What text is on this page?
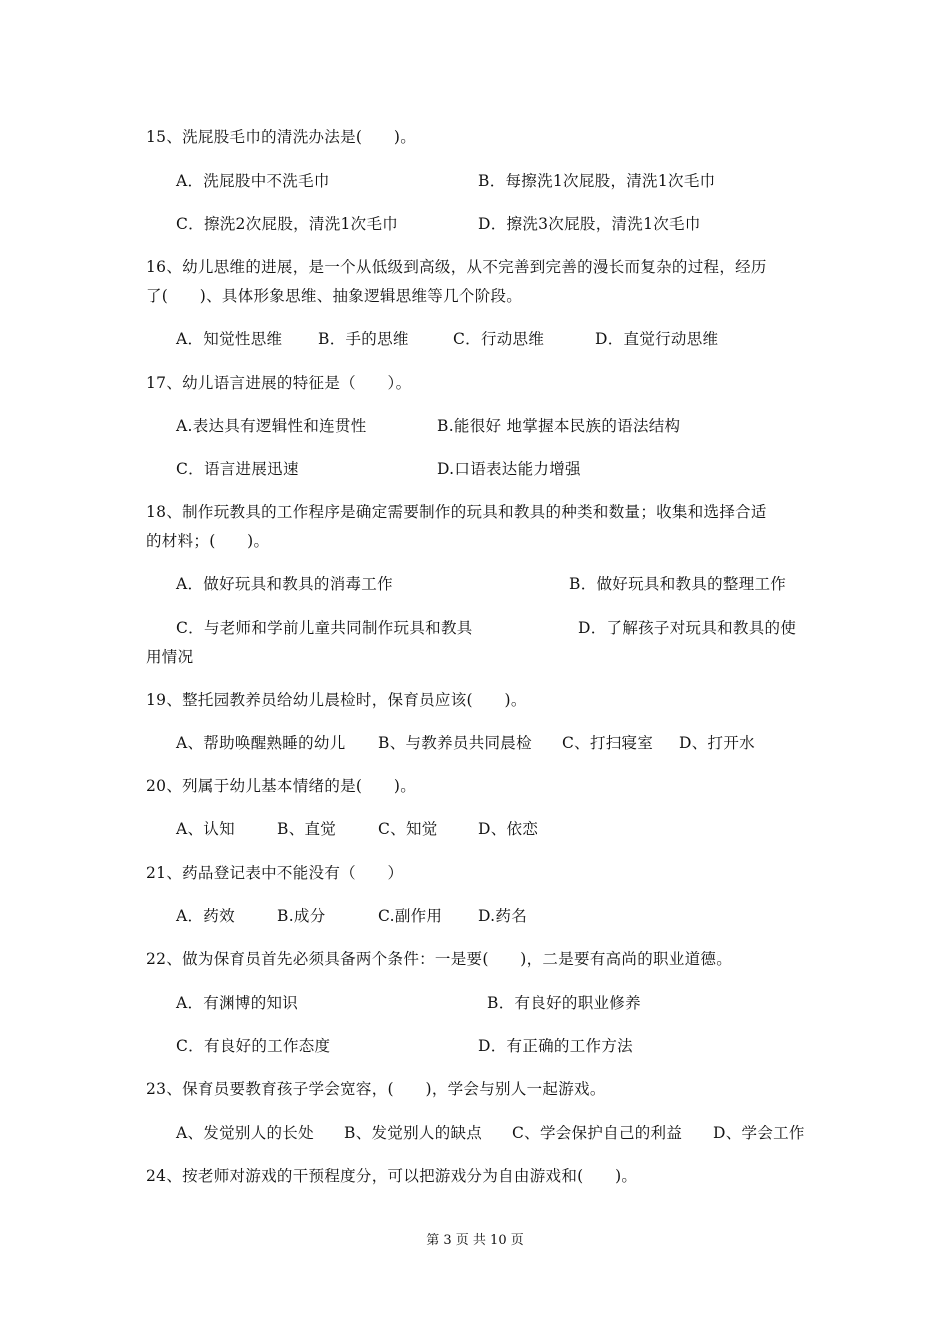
15、洗屁股毛巾的清洗办法是(　　)。
A．洗屁股中不洗毛巾	B．每擦洗1次屁股，清洗1次毛巾
C．擦洗2次屁股，清洗1次毛巾	D．擦洗3次屁股，清洗1次毛巾
16、幼儿思维的进展，是一个从低级到高级，从不完善到完善的漫长而复杂的过程，经历
了(　　)、具体形象思维、抽象逻辑思维等几个阶段。
A．知觉性思维 B．手的思维	C．行动思维	D．直觉行动思维
17、幼儿语言进展的特征是（　　）。
A.表达具有逻辑性和连贯性	B.能很好 地掌握本民族的语法结构
C．语言进展迅速	D.口语表达能力增强
18、制作玩教具的工作程序是确定需要制作的玩具和教具的种类和数量；收集和选择合适
的材料；(　　)。
A．做好玩具和教具的消毒工作	B．做好玩具和教具的整理工作
C．与老师和学前儿童共同制作玩具和教具	D．了解孩子对玩具和教具的使
用情况
19、整托园教养员给幼儿晨检时，保育员应该(　　)。
A、帮助唤醒熟睡的幼儿 B、与教养员共同晨检 C、打扫寝室 D、打开水
20、列属于幼儿基本情绪的是(　　)。
A、认知	B、直觉	C、知觉	D、依恋
21、药品登记表中不能没有（　　）
A．药效	B.成分	C.副作用 D.药名
22、做为保育员首先必须具备两个条件：一是要(　　)，二是要有高尚的职业道德。
A．有渊博的知识	B．有良好的职业修养
C．有良好的工作态度	D．有正确的工作方法
23、保育员要教育孩子学会宽容，(　　)，学会与别人一起游戏。
A、发觉别人的长处 B、发觉别人的缺点 C、学会保护自己的利益 D、学会工作
24、按老师对游戏的干预程度分，可以把游戏分为自由游戏和(　　)。
第 3 页 共 10 页
